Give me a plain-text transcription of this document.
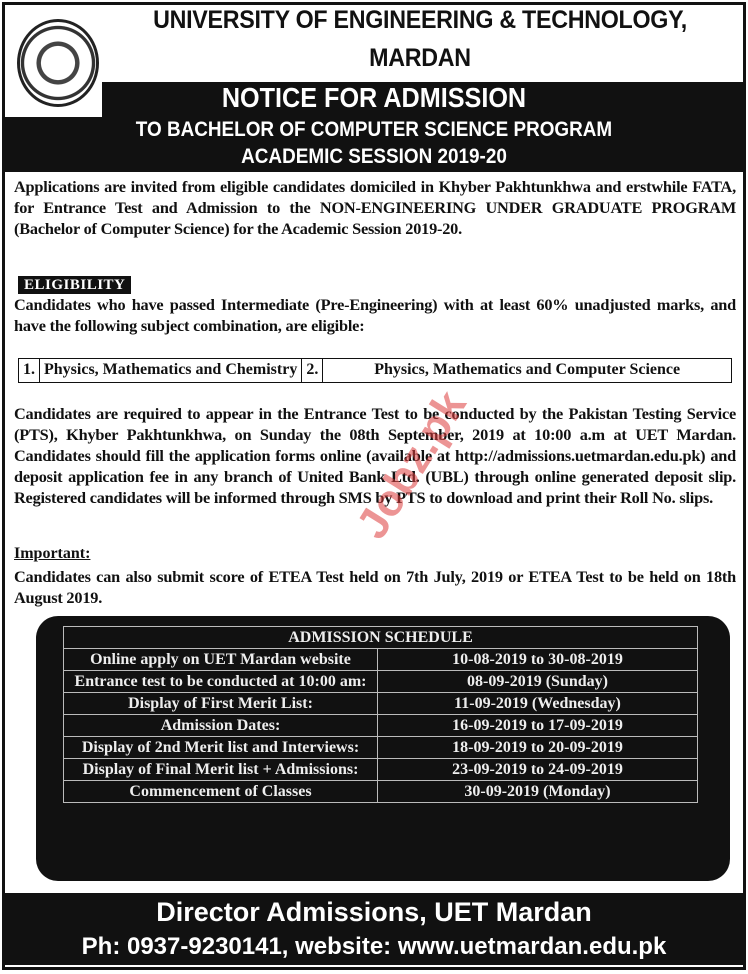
UNIVERSITY OF ENGINEERING & TECHNOLOGY,
MARDAN
NOTICE FOR ADMISSION
TO BACHELOR OF COMPUTER SCIENCE PROGRAM
ACADEMIC SESSION 2019-20
Applications are invited from eligible candidates domiciled in Khyber Pakhtunkhwa and erstwhile FATA, for Entrance Test and Admission to the NON-ENGINEERING UNDER GRADUATE PROGRAM (Bachelor of Computer Science) for the Academic Session 2019-20.
ELIGIBILITY
Candidates who have passed Intermediate (Pre-Engineering) with at least 60% unadjusted marks, and have the following subject combination, are eligible:
1. Physics, Mathematics and Chemistry 2.	Physics, Mathematics and Computer Science
Candidates are required to appear in the Entrance Test to be conducted by the Pakistan Testing Service (PTS), Khyber Pakhtunkhwa, on Sunday the 08th September, 2019 at 10:00 a.m at UET Mardan. Candidates should fill the application forms online (available at http://admissions.uetmardan.edu.pk) and deposit application fee in any branch of United Bank Ltd. (UBL) through online generated deposit slip. Registered candidates will be informed through SMS by PTS to download and print their Roll No. slips.
Important:
Candidates can also submit score of ETEA Test held on 7th July, 2019 or ETEA Test to be held on 18th August 2019.
ADMISSION SCHEDULE	
Online apply on UET Mardan website	10-08-2019 to 30-08-2019
Entrance test to be conducted at 10:00 am:	08-09-2019 (Sunday)
Display of First Merit List:	11-09-2019 (Wednesday)
Admission Dates:	16-09-2019 to 17-09-2019
Display of 2nd Merit list and Interviews:	18-09-2019 to 20-09-2019
Display of Final Merit list + Admissions:	23-09-2019 to 24-09-2019
Commencement of Classes	30-09-2019 (Monday)
Director Admissions, UET Mardan
Ph: 0937-9230141, website: www.uetmardan.edu.pk
Jobz.pk
